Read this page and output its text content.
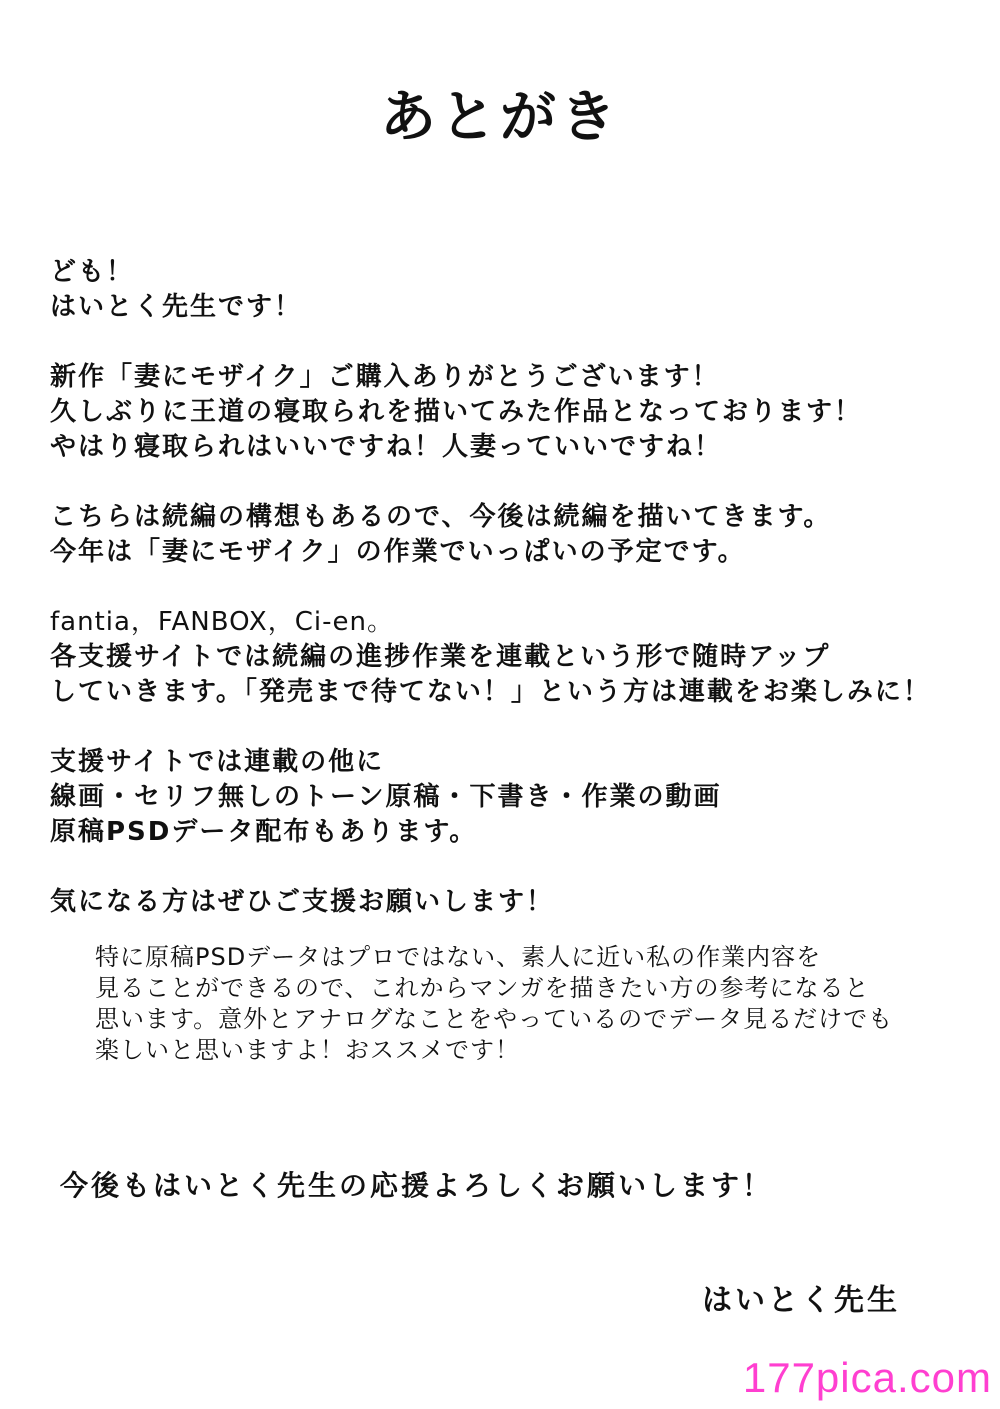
あとがき

ども！
はいとく先生です！

新作「妻にモザイク」ご購入ありがとうございます！
久しぶりに王道の寝取られを描いてみた作品となっております！
やはり寝取られはいいですね！人妻っていいですね！

こちらは続編の構想もあるので、今後は続編を描いてきます。
今年は「妻にモザイク」の作業でいっぱいの予定です。

fantia，FANBOX，Ci-en。
各支援サイトでは続編の進捗作業を連載という形で随時アップ
していきます。「発売まで待てない！」という方は連載をお楽しみに！

支援サイトでは連載の他に
線画・セリフ無しのトーン原稿・下書き・作業の動画
原稿PSDデータ配布もあります。

気になる方はぜひご支援お願いします！

特に原稿PSDデータはプロではない、素人に近い私の作業内容を
見ることができるので、これからマンガを描きたい方の参考になると
思います。意外とアナログなことをやっているのでデータ見るだけでも
楽しいと思いますよ！おススメです！
今後もはいとく先生の応援よろしくお願いします！
はいとく先生
177pica.com
